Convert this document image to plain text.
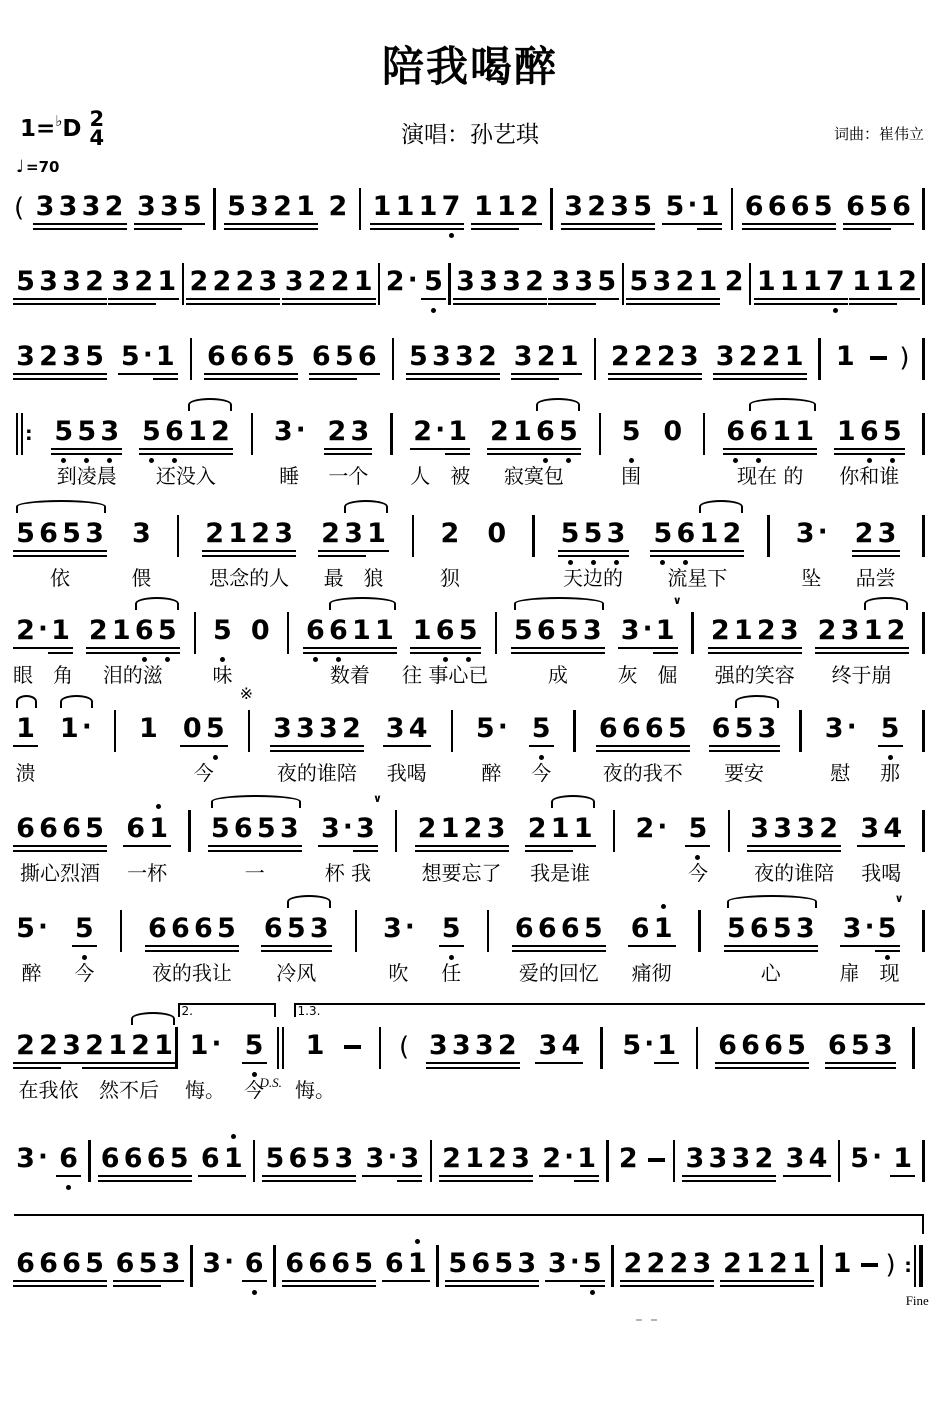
陪我喝醉
1= ♭ D 2
4	演唱：孙艺琪	词曲：崔伟立
♩ =70
( 3 3 3 2 3 3 5 5 3 2 1 2 1 1 1 7 1 1 2 3 2 3 5 5 · 1 6 6 6 5 6 5 6
5 3 3 2 3 2 1 2 2 2 3 3 2 2 1 2 · 5 3 3 3 2 3 3 5 5 3 2 1 2 1 1 1 7 1 1 2
3 2 3 5 5 · 1 6 6 6 5 6 5 6 5 3 3 2 3 2 1 2 2 2 3 3 2 2 1 1 )
: 5 5 3
到凌晨
5 6 1 2
还没入
3 ·
睡
2 3
一个
2 · 1
人　被
2 1 6 5
寂寞包
5
围
0 6 6 1 1
现在 的
1 6 5
你和谁
5 6 5 3
依
3
偎
2 1 2 3
思念的人
2 3 1
最　狼
2
狈
0 5 5 3
天边的
5 6 1 2
流星下
3 ·
坠
2 3
品尝
2 · 1
眼　角
2 1 6 5
泪的滋
5
味
0 6 6 1 1
数着
1 6 5
往 事心已
5 6 5 3
成
3 · 1
∨
灰　倔
2 1 2 3
强的笑容
2 3 1 2
终于崩
1
溃
1 · 1 0 5
今
※
3 3 3 2
夜的谁陪
3 4
我喝
5 ·
醉
5
今
6 6 6 5
夜的我不
6 5 3
要安
3 ·
慰
5
那
6 6 6 5
撕心烈酒
6 1
一杯
5 6 5 3
一
3 · 3
∨
杯 我
2 1 2 3
想要忘了
2 1 1
我是谁
2 · 5
今
3 3 3 2
夜的谁陪
3 4
我喝
5 ·
醉
5
今
6 6 6 5
夜的我让
6 5 3
冷风
3 ·
吹
5
任
6 6 6 5
爱的回忆
6 1
痛彻
5 6 5 3
心
3 · 5
∨
扉　现
2 2 3
在我依
2 1 2 1
然不后
2.
1 ·
悔。
5
今
D.S.
1.3.
1
悔。
( 3 3 3 2 3 4 5 · 1 6 6 6 5 6 5 3
3 · 6 6 6 6 5 6 1 5 6 5 3 3 · 3 2 1 2 3 2 · 1 2 3 3 3 2 3 4 5 · 1
6 6 6 5 6 5 3 3 · 6 6 6 6 5 6 1 5 6 5 3 3 · 5 2 2 2 3 2 1 2 1 1 ) :
Fine
